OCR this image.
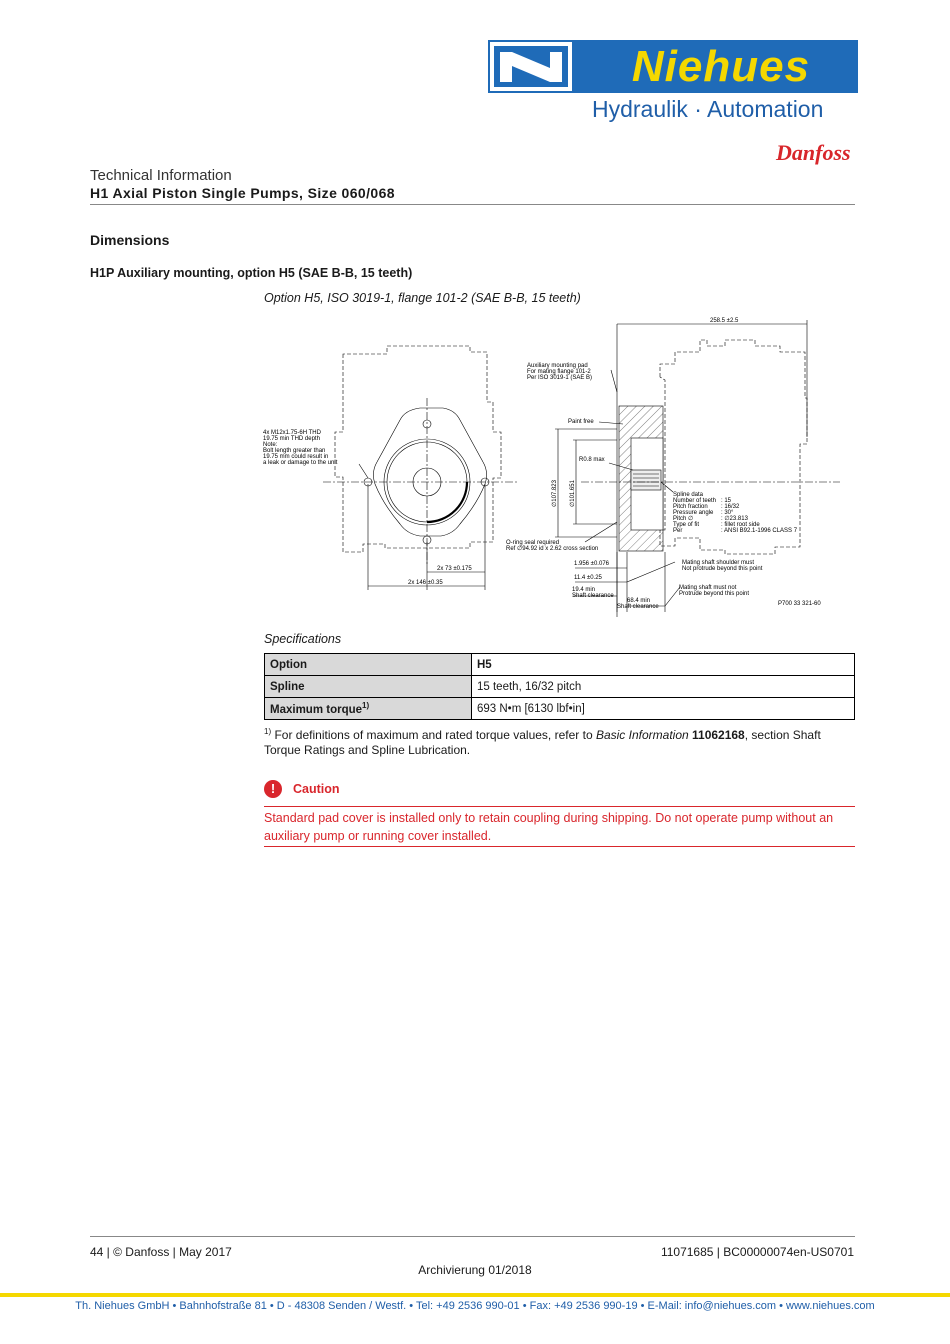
Niehues
Hydraulik · Automation
Danfoss
Technical Information
H1 Axial Piston Single Pumps, Size 060/068
Dimensions
H1P Auxiliary mounting, option H5 (SAE B-B, 15 teeth)
Option H5, ISO 3019-1, flange 101-2 (SAE B-B, 15 teeth)
258.5 ±2.5
Auxiliary mounting pad
For mating flange 101-2
Per ISO 3019-1 (SAE B)
4x M12x1.75-6H THD
19.75 min THD depth
Note:
Bolt length greater than
19.75 mm could result in
a leak or damage to the unit
Paint free
R0.8 max
∅107.823 ∅101.651	Spline data
Number of teeth : 15
Pitch fraction : 16/32
Pressure angle : 30°
Pitch ∅	: ∅23.813
Type of fit	: fillet root side
Per	: ANSI B92.1-1996 CLASS 7
O-ring seal required
Ref ∅94.92 id x 2.62 cross section
2x 73 ±0.175
2x 146 ±0.35
1.956 ±0.076
11.4 ±0.25
19.4 min
Shaft clearance
68.4 min
Shaft clearance
Mating shaft shoulder must
Not protrude beyond this point
Mating shaft must not
Protrude beyond this point
P700 33 321-60
Specifications
Option	H5
Spline	15 teeth, 16/32 pitch
Maximum torque$^{1)}$	693 N•m [6130 lbf•in]
$^{1)}$ For definitions of maximum and rated torque values, refer to Basic Information 11062168, section Shaft Torque Ratings and Spline Lubrication.
!	Caution
Standard pad cover is installed only to retain coupling during shipping. Do not operate pump without an auxiliary pump or running cover installed.
44 | © Danfoss | May 2017	11071685 | BC00000074en-US0701
Archivierung 01/2018
Th. Niehues GmbH • Bahnhofstraße 81 • D - 48308 Senden / Westf. • Tel: +49 2536 990-01 • Fax: +49 2536 990-19 • E-Mail: info@niehues.com • www.niehues.com
